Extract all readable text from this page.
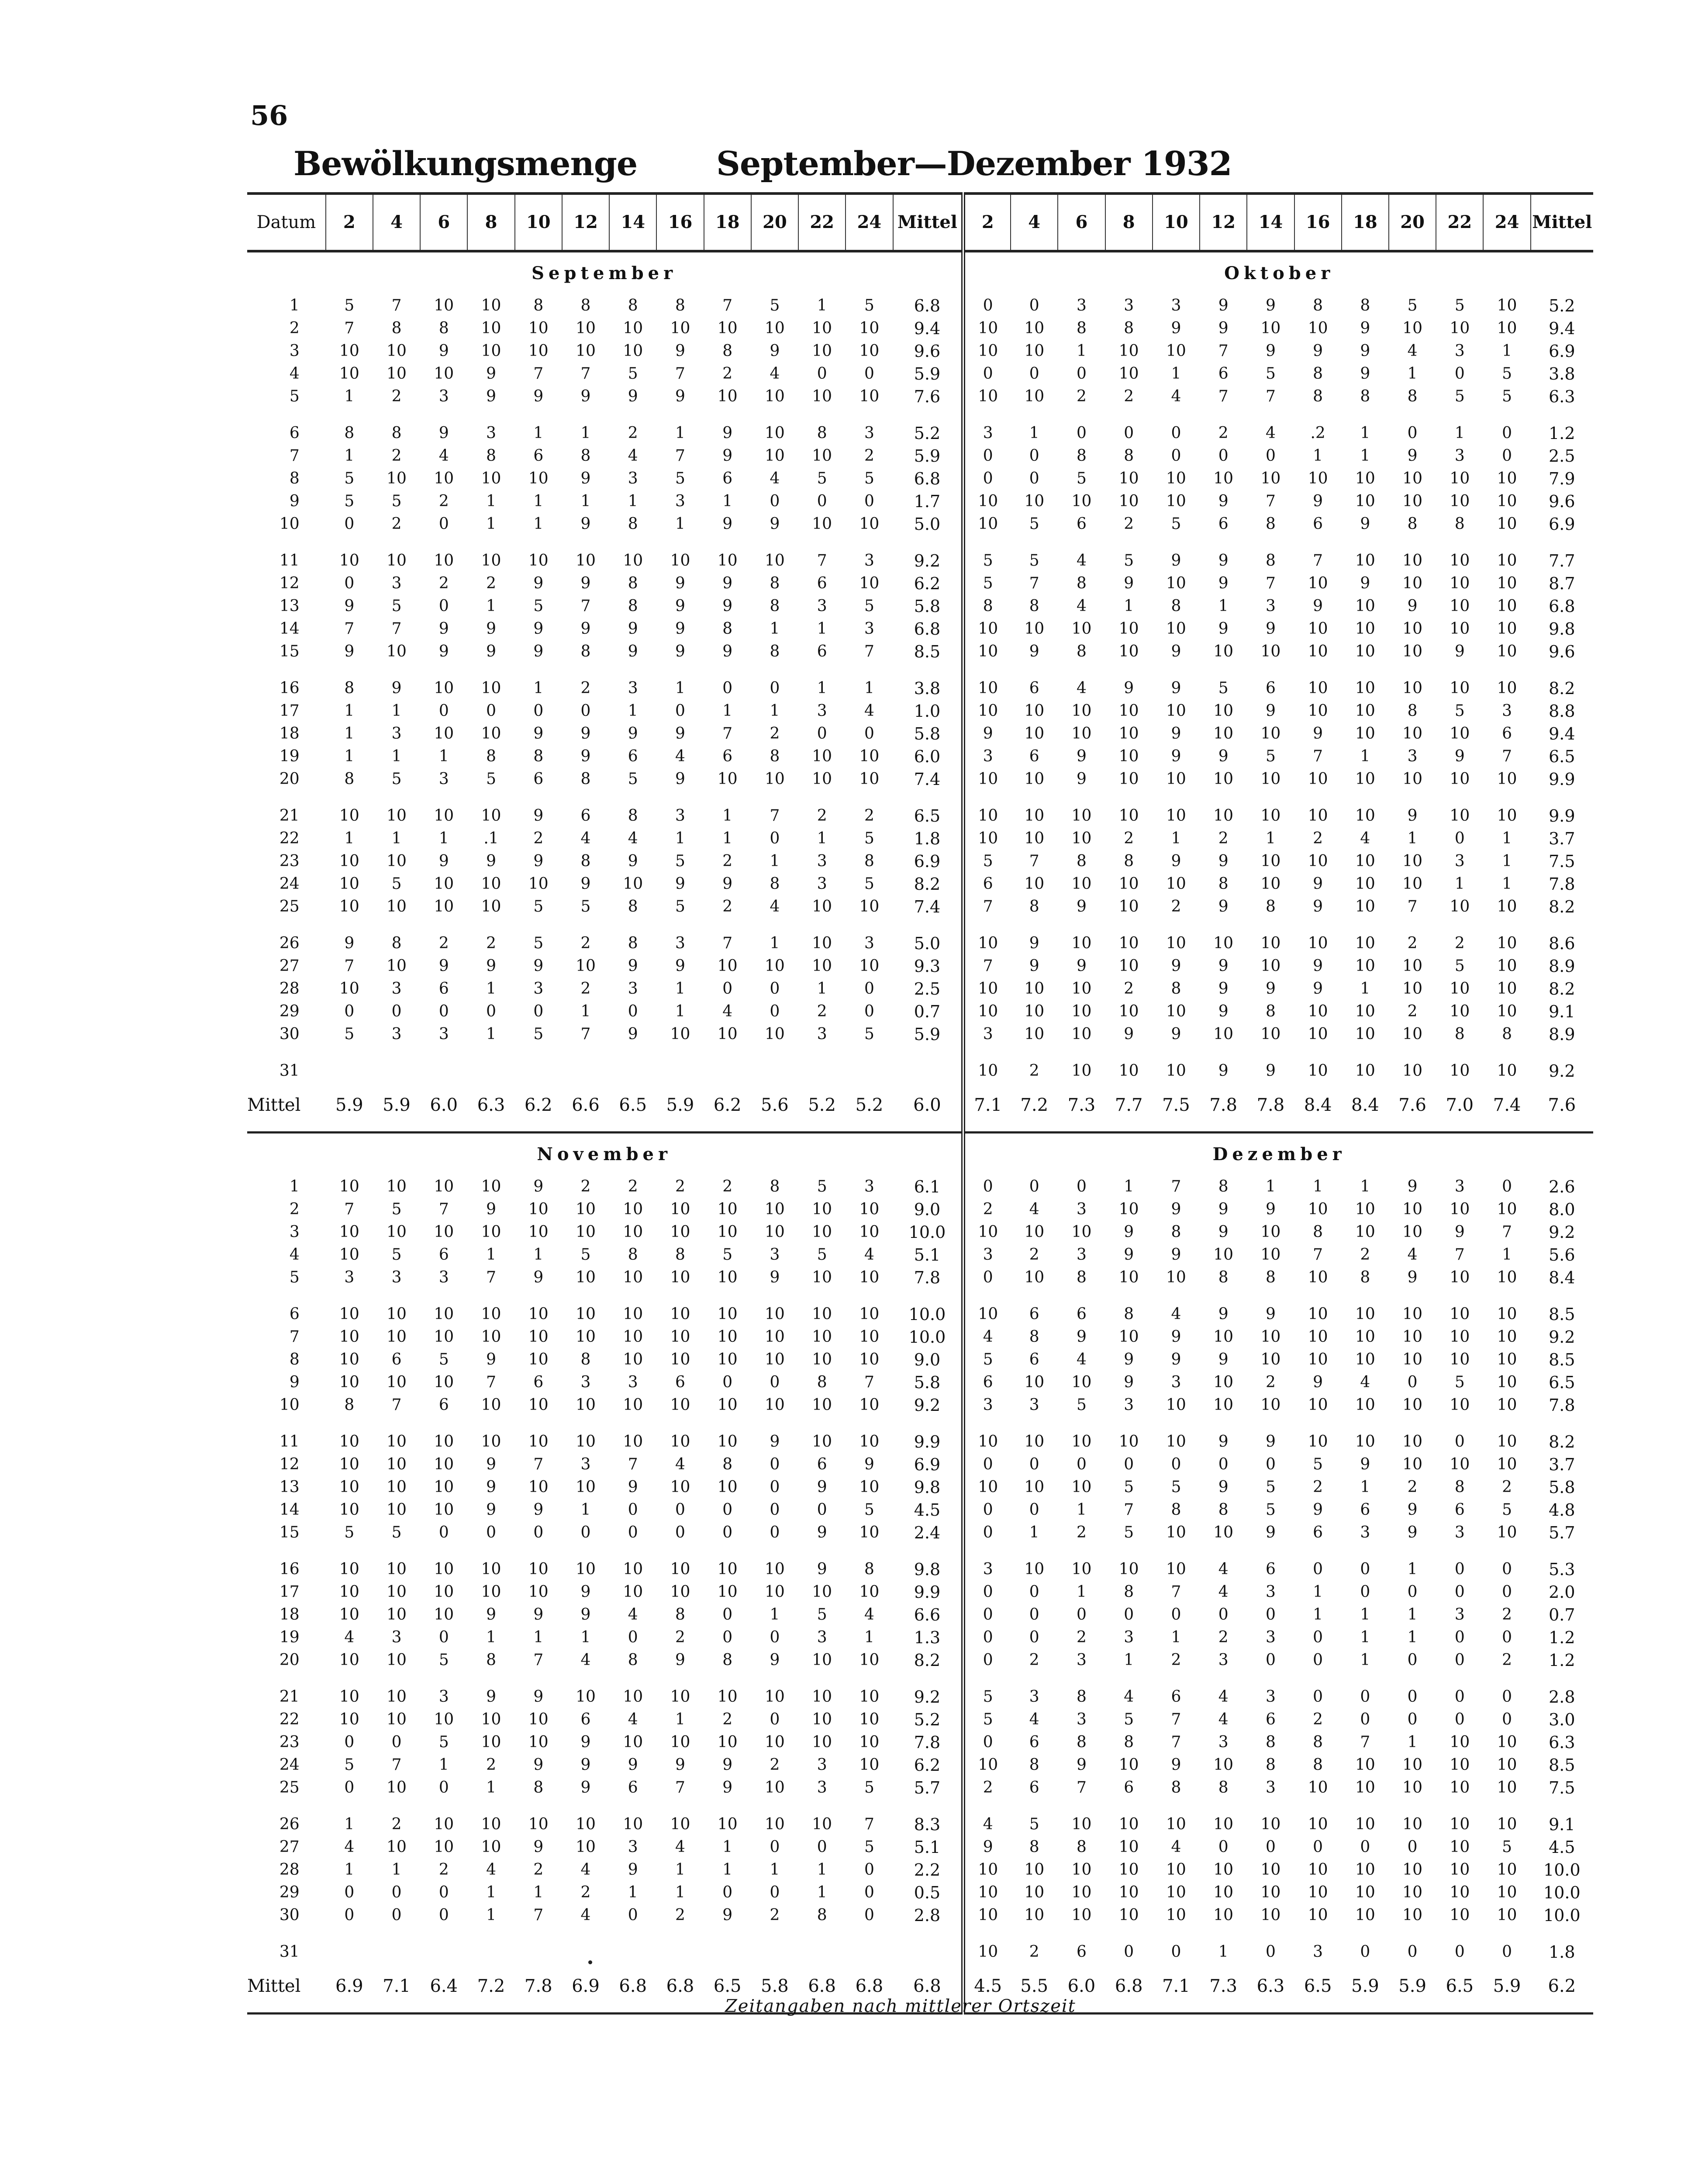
56
Bewölkungsmenge September—Dezember 1932
Datum	2	4	6	8	10	12	14	16	18	20	22	24	Mittel	2	4	6	8	10	12	14	16	18	20	22	24	Mittel
September														Oktober												
1	5	7	10	10	8	8	8	8	7	5	1	5	6.8	0	0	3	3	3	9	9	8	8	5	5	10	5.2
2	7	8	8	10	10	10	10	10	10	10	10	10	9.4	10	10	8	8	9	9	10	10	9	10	10	10	9.4
3	10	10	9	10	10	10	10	9	8	9	10	10	9.6	10	10	1	10	10	7	9	9	9	4	3	1	6.9
4	10	10	10	9	7	7	5	7	2	4	0	0	5.9	0	0	0	10	1	6	5	8	9	1	0	5	3.8
5	1	2	3	9	9	9	9	9	10	10	10	10	7.6	10	10	2	2	4	7	7	8	8	8	5	5	6.3

6	8	8	9	3	1	1	2	1	9	10	8	3	5.2	3	1	0	0	0	2	4	.2	1	0	1	0	1.2
7	1	2	4	8	6	8	4	7	9	10	10	2	5.9	0	0	8	8	0	0	0	1	1	9	3	0	2.5
8	5	10	10	10	10	9	3	5	6	4	5	5	6.8	0	0	5	10	10	10	10	10	10	10	10	10	7.9
9	5	5	2	1	1	1	1	3	1	0	0	0	1.7	10	10	10	10	10	9	7	9	10	10	10	10	9.6
10	0	2	0	1	1	9	8	1	9	9	10	10	5.0	10	5	6	2	5	6	8	6	9	8	8	10	6.9

11	10	10	10	10	10	10	10	10	10	10	7	3	9.2	5	5	4	5	9	9	8	7	10	10	10	10	7.7
12	0	3	2	2	9	9	8	9	9	8	6	10	6.2	5	7	8	9	10	9	7	10	9	10	10	10	8.7
13	9	5	0	1	5	7	8	9	9	8	3	5	5.8	8	8	4	1	8	1	3	9	10	9	10	10	6.8
14	7	7	9	9	9	9	9	9	8	1	1	3	6.8	10	10	10	10	10	9	9	10	10	10	10	10	9.8
15	9	10	9	9	9	8	9	9	9	8	6	7	8.5	10	9	8	10	9	10	10	10	10	10	9	10	9.6

16	8	9	10	10	1	2	3	1	0	0	1	1	3.8	10	6	4	9	9	5	6	10	10	10	10	10	8.2
17	1	1	0	0	0	0	1	0	1	1	3	4	1.0	10	10	10	10	10	10	9	10	10	8	5	3	8.8
18	1	3	10	10	9	9	9	9	7	2	0	0	5.8	9	10	10	10	9	10	10	9	10	10	10	6	9.4
19	1	1	1	8	8	9	6	4	6	8	10	10	6.0	3	6	9	10	9	9	5	7	1	3	9	7	6.5
20	8	5	3	5	6	8	5	9	10	10	10	10	7.4	10	10	9	10	10	10	10	10	10	10	10	10	9.9

21	10	10	10	10	9	6	8	3	1	7	2	2	6.5	10	10	10	10	10	10	10	10	10	9	10	10	9.9
22	1	1	1	.1	2	4	4	1	1	0	1	5	1.8	10	10	10	2	1	2	1	2	4	1	0	1	3.7
23	10	10	9	9	9	8	9	5	2	1	3	8	6.9	5	7	8	8	9	9	10	10	10	10	3	1	7.5
24	10	5	10	10	10	9	10	9	9	8	3	5	8.2	6	10	10	10	10	8	10	9	10	10	1	1	7.8
25	10	10	10	10	5	5	8	5	2	4	10	10	7.4	7	8	9	10	2	9	8	9	10	7	10	10	8.2

26	9	8	2	2	5	2	8	3	7	1	10	3	5.0	10	9	10	10	10	10	10	10	10	2	2	10	8.6
27	7	10	9	9	9	10	9	9	10	10	10	10	9.3	7	9	9	10	9	9	10	9	10	10	5	10	8.9
28	10	3	6	1	3	2	3	1	0	0	1	0	2.5	10	10	10	2	8	9	9	9	1	10	10	10	8.2
29	0	0	0	0	0	1	0	1	4	0	2	0	0.7	10	10	10	10	10	9	8	10	10	2	10	10	9.1
30	5	3	3	1	5	7	9	10	10	10	3	5	5.9	3	10	10	9	9	10	10	10	10	10	8	8	8.9

31														10	2	10	10	10	9	9	10	10	10	10	10	9.2
Mittel	5.9	5.9	6.0	6.3	6.2	6.6	6.5	5.9	6.2	5.6	5.2	5.2	6.0	7.1	7.2	7.3	7.7	7.5	7.8	7.8	8.4	8.4	7.6	7.0	7.4	7.6

November														Dezember												
1	10	10	10	10	9	2	2	2	2	8	5	3	6.1	0	0	0	1	7	8	1	1	1	9	3	0	2.6
2	7	5	7	9	10	10	10	10	10	10	10	10	9.0	2	4	3	10	9	9	9	10	10	10	10	10	8.0
3	10	10	10	10	10	10	10	10	10	10	10	10	10.0	10	10	10	9	8	9	10	8	10	10	9	7	9.2
4	10	5	6	1	1	5	8	8	5	3	5	4	5.1	3	2	3	9	9	10	10	7	2	4	7	1	5.6
5	3	3	3	7	9	10	10	10	10	9	10	10	7.8	0	10	8	10	10	8	8	10	8	9	10	10	8.4

6	10	10	10	10	10	10	10	10	10	10	10	10	10.0	10	6	6	8	4	9	9	10	10	10	10	10	8.5
7	10	10	10	10	10	10	10	10	10	10	10	10	10.0	4	8	9	10	9	10	10	10	10	10	10	10	9.2
8	10	6	5	9	10	8	10	10	10	10	10	10	9.0	5	6	4	9	9	9	10	10	10	10	10	10	8.5
9	10	10	10	7	6	3	3	6	0	0	8	7	5.8	6	10	10	9	3	10	2	9	4	0	5	10	6.5
10	8	7	6	10	10	10	10	10	10	10	10	10	9.2	3	3	5	3	10	10	10	10	10	10	10	10	7.8

11	10	10	10	10	10	10	10	10	10	9	10	10	9.9	10	10	10	10	10	9	9	10	10	10	0	10	8.2
12	10	10	10	9	7	3	7	4	8	0	6	9	6.9	0	0	0	0	0	0	0	5	9	10	10	10	3.7
13	10	10	10	9	10	10	9	10	10	0	9	10	9.8	10	10	10	5	5	9	5	2	1	2	8	2	5.8
14	10	10	10	9	9	1	0	0	0	0	0	5	4.5	0	0	1	7	8	8	5	9	6	9	6	5	4.8
15	5	5	0	0	0	0	0	0	0	0	9	10	2.4	0	1	2	5	10	10	9	6	3	9	3	10	5.7

16	10	10	10	10	10	10	10	10	10	10	9	8	9.8	3	10	10	10	10	4	6	0	0	1	0	0	5.3
17	10	10	10	10	10	9	10	10	10	10	10	10	9.9	0	0	1	8	7	4	3	1	0	0	0	0	2.0
18	10	10	10	9	9	9	4	8	0	1	5	4	6.6	0	0	0	0	0	0	0	1	1	1	3	2	0.7
19	4	3	0	1	1	1	0	2	0	0	3	1	1.3	0	0	2	3	1	2	3	0	1	1	0	0	1.2
20	10	10	5	8	7	4	8	9	8	9	10	10	8.2	0	2	3	1	2	3	0	0	1	0	0	2	1.2

21	10	10	3	9	9	10	10	10	10	10	10	10	9.2	5	3	8	4	6	4	3	0	0	0	0	0	2.8
22	10	10	10	10	10	6	4	1	2	0	10	10	5.2	5	4	3	5	7	4	6	2	0	0	0	0	3.0
23	0	0	5	10	10	9	10	10	10	10	10	10	7.8	0	6	8	8	7	3	8	8	7	1	10	10	6.3
24	5	7	1	2	9	9	9	9	9	2	3	10	6.2	10	8	9	10	9	10	8	8	10	10	10	10	8.5
25	0	10	0	1	8	9	6	7	9	10	3	5	5.7	2	6	7	6	8	8	3	10	10	10	10	10	7.5

26	1	2	10	10	10	10	10	10	10	10	10	7	8.3	4	5	10	10	10	10	10	10	10	10	10	10	9.1
27	4	10	10	10	9	10	3	4	1	0	0	5	5.1	9	8	8	10	4	0	0	0	0	0	10	5	4.5
28	1	1	2	4	2	4	9	1	1	1	1	0	2.2	10	10	10	10	10	10	10	10	10	10	10	10	10.0
29	0	0	0	1	1	2	1	1	0	0	1	0	0.5	10	10	10	10	10	10	10	10	10	10	10	10	10.0
30	0	0	0	1	7	4	0	2	9	2	8	0	2.8	10	10	10	10	10	10	10	10	10	10	10	10	10.0

31														10	2	6	0	0	1	0	3	0	0	0	0	1.8
Mittel	6.9	7.1	6.4	7.2	7.8	6.9	6.8	6.8	6.5	5.8	6.8	6.8	6.8	4.5	5.5	6.0	6.8	7.1	7.3	6.3	6.5	5.9	5.9	6.5	5.9	6.2

Zeitangaben nach mittlerer Ortszeit
